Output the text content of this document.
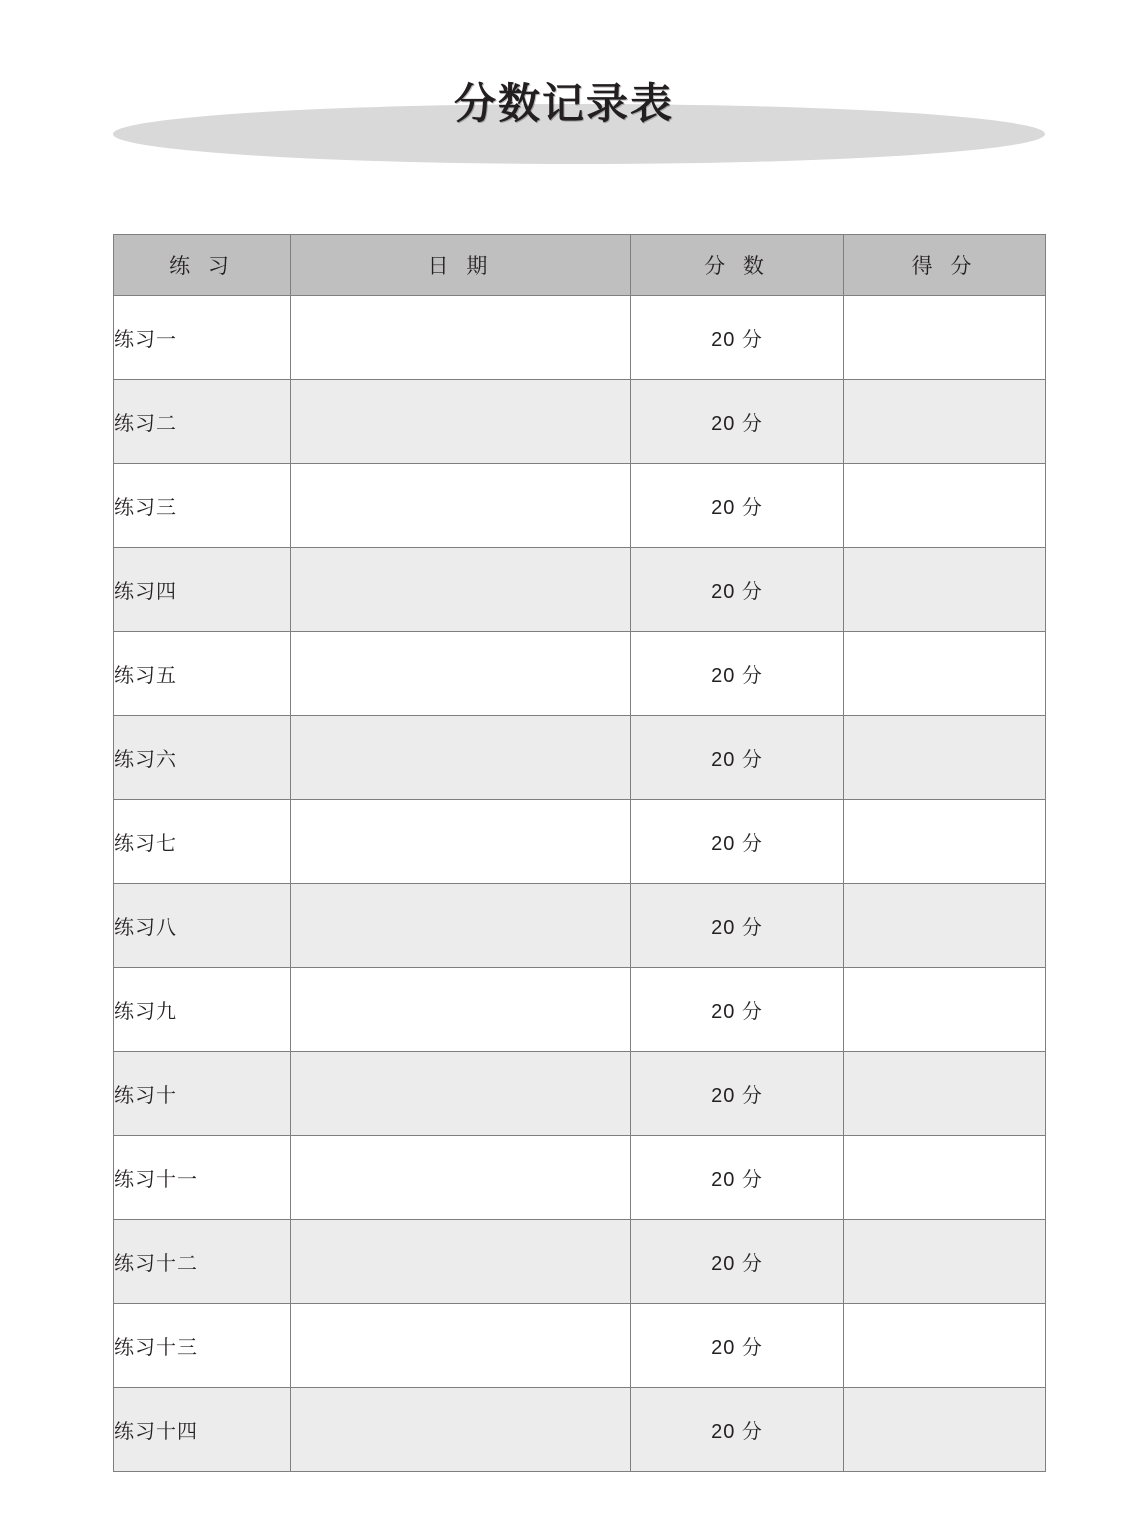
分数记录表
练 习	日 期	分 数	得 分
练习一		20 分	
练习二		20 分	
练习三		20 分	
练习四		20 分	
练习五		20 分	
练习六		20 分	
练习七		20 分	
练习八		20 分	
练习九		20 分	
练习十		20 分	
练习十一		20 分	
练习十二		20 分	
练习十三		20 分	
练习十四		20 分	
